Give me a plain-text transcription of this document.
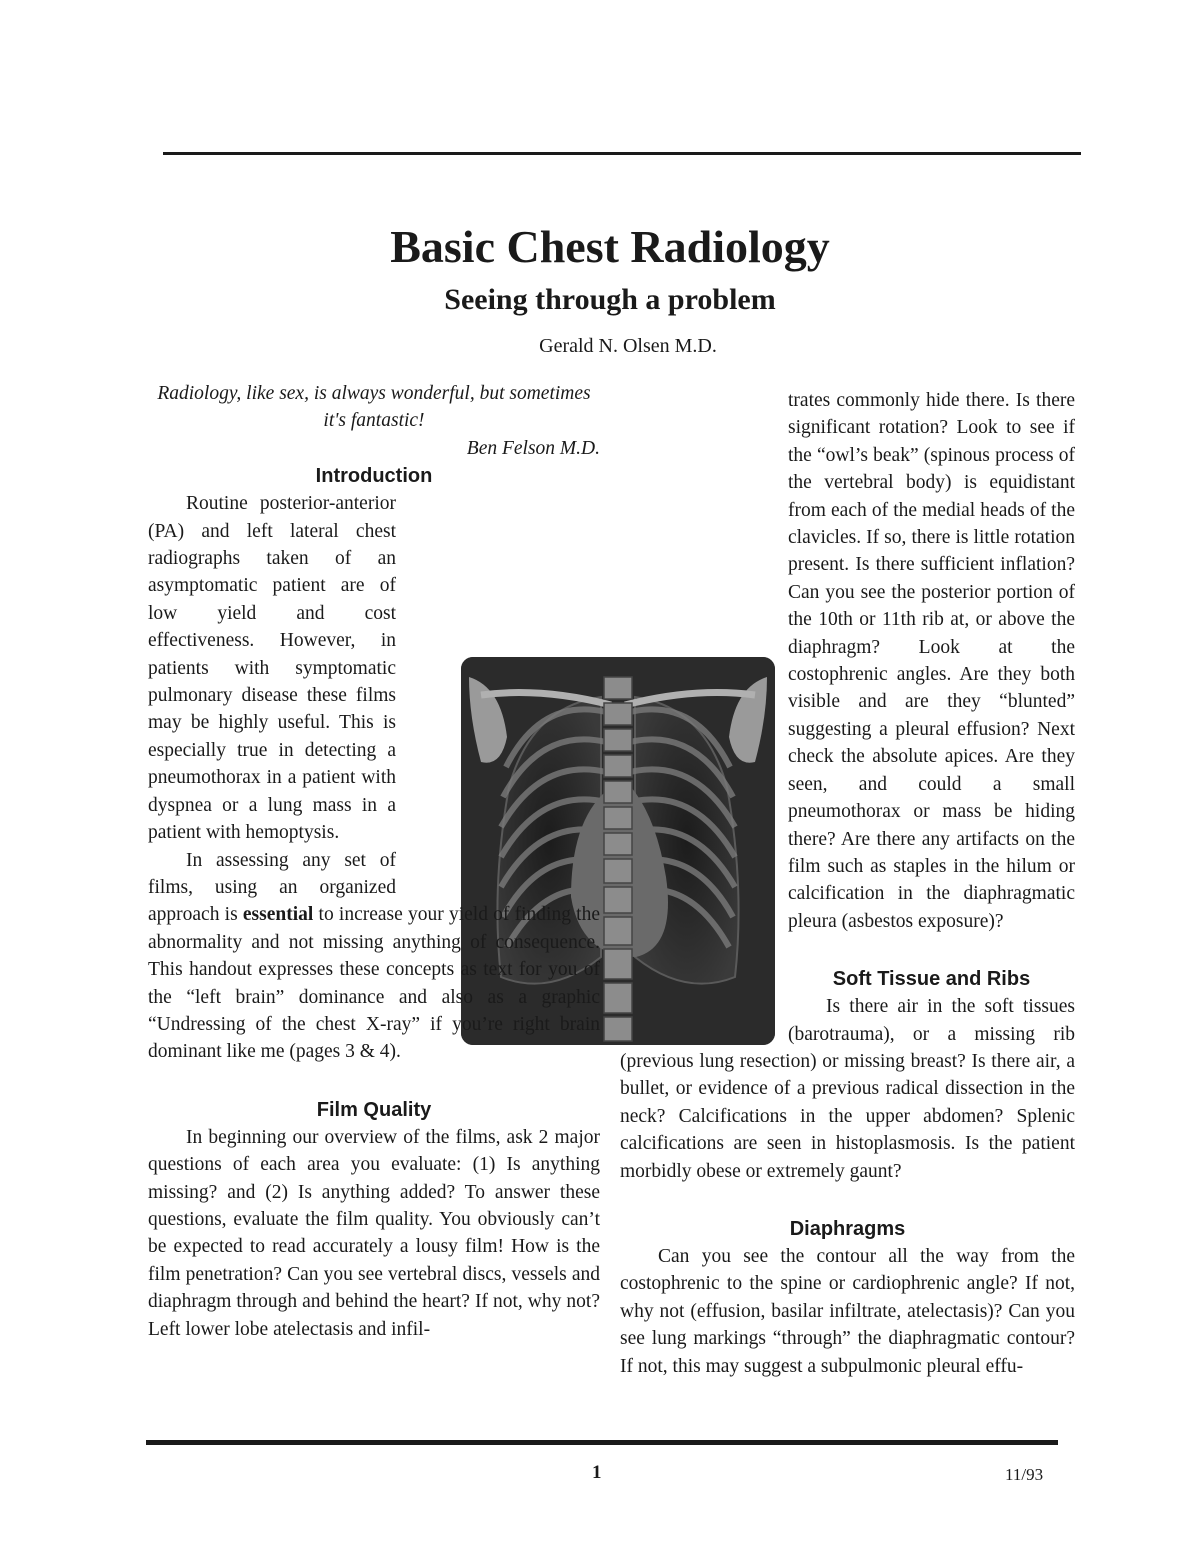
Basic Chest Radiology
Seeing through a problem
Gerald N. Olsen M.D.

Radiology, like sex, is always wonderful, but sometimes it's fantastic!

Ben Felson M.D.

Introduction

Routine posterior-anterior (PA) and left lateral chest radiographs taken of an asymptomatic patient are of low yield and cost effectiveness. However, in patients with symptomatic pulmonary disease these films may be highly useful. This is especially true in detecting a pneumothorax in a patient with dyspnea or a lung mass in a patient with hemoptysis.

In assessing any set of films, using an organized approach is essential to increase your yield of finding the abnormality and not missing anything of consequence. This handout expresses these concepts as text for you of the “left brain” dominance and also as a graphic “Undressing of the chest X-ray” if you’re right brain dominant like me (pages 3 & 4).

Film Quality

In beginning our overview of the films, ask 2 major questions of each area you evaluate: (1) Is anything missing? and (2) Is anything added? To answer these questions, evaluate the film quality. You obviously can’t be expected to read accurately a lousy film! How is the film penetration? Can you see vertebral discs, vessels and diaphragm through and behind the heart? If not, why not? Left lower lobe atelectasis and infil-

trates commonly hide there. Is there significant rotation? Look to see if the “owl’s beak” (spinous process of the vertebral body) is equidistant from each of the medial heads of the clavicles. If so, there is little rotation present. Is there sufficient inflation? Can you see the posterior portion of the 10th or 11th rib at, or above the diaphragm? Look at the costophrenic angles. Are they both visible and are they “blunted” suggesting a pleural effusion? Next check the absolute apices. Are they seen, and could a small pneumothorax or mass be hiding there? Are there any artifacts on the film such as staples in the hilum or calcification in the diaphragmatic pleura (asbestos exposure)?

Soft Tissue and Ribs

Is there air in the soft tissues (barotrauma), or a missing rib (previous lung resection) or missing breast? Is there air, a bullet, or evidence of a previous radical dissection in the neck? Calcifications in the upper abdomen? Splenic calcifications are seen in histoplasmosis. Is the patient morbidly obese or extremely gaunt?

Diaphragms

Can you see the contour all the way from the costophrenic to the spine or cardiophrenic angle? If not, why not (effusion, basilar infiltrate, atelectasis)? Can you see lung markings “through” the diaphragmatic contour? If not, this may suggest a subpulmonic pleural effu-

1	11/93
